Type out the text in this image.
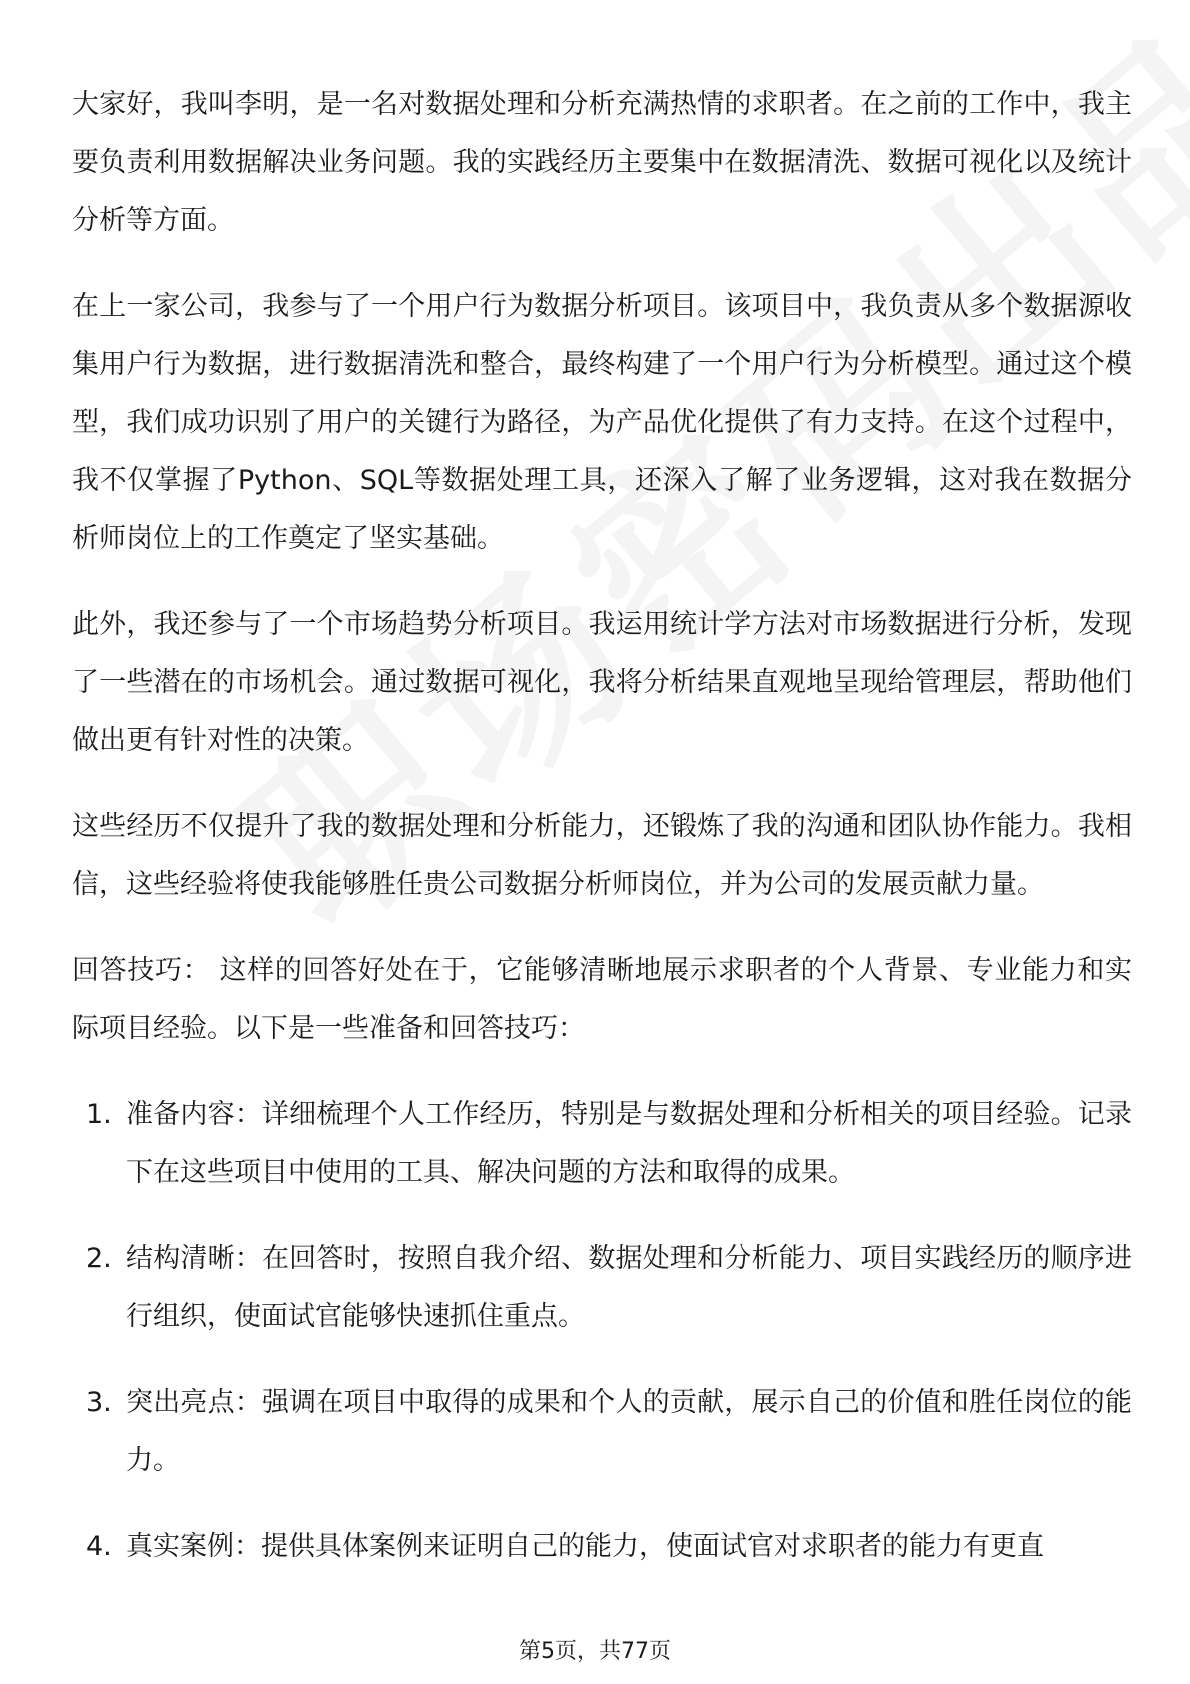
大家好，我叫李明，是一名对数据处理和分析充满热情的求职者。在之前的工作中，我主要负责利用数据解决业务问题。我的实践经历主要集中在数据清洗、数据可视化以及统计分析等方面。

在上一家公司，我参与了一个用户行为数据分析项目。该项目中，我负责从多个数据源收集用户行为数据，进行数据清洗和整合，最终构建了一个用户行为分析模型。通过这个模型，我们成功识别了用户的关键行为路径，为产品优化提供了有力支持。在这个过程中，我不仅掌握了Python、SQL等数据处理工具，还深入了解了业务逻辑，这对我在数据分析师岗位上的工作奠定了坚实基础。

此外，我还参与了一个市场趋势分析项目。我运用统计学方法对市场数据进行分析，发现了一些潜在的市场机会。通过数据可视化，我将分析结果直观地呈现给管理层，帮助他们做出更有针对性的决策。

这些经历不仅提升了我的数据处理和分析能力，还锻炼了我的沟通和团队协作能力。我相信，这些经验将使我能够胜任贵公司数据分析师岗位，并为公司的发展贡献力量。

回答技巧： 这样的回答好处在于，它能够清晰地展示求职者的个人背景、专业能力和实际项目经验。以下是一些准备和回答技巧：

1. 准备内容：详细梳理个人工作经历，特别是与数据处理和分析相关的项目经验。记录下在这些项目中使用的工具、解决问题的方法和取得的成果。
2. 结构清晰：在回答时，按照自我介绍、数据处理和分析能力、项目实践经历的顺序进行组织，使面试官能够快速抓住重点。
3. 突出亮点：强调在项目中取得的成果和个人的贡献，展示自己的价值和胜任岗位的能力。
4. 真实案例：提供具体案例来证明自己的能力，使面试官对求职者的能力有更直
第5页，共77页
